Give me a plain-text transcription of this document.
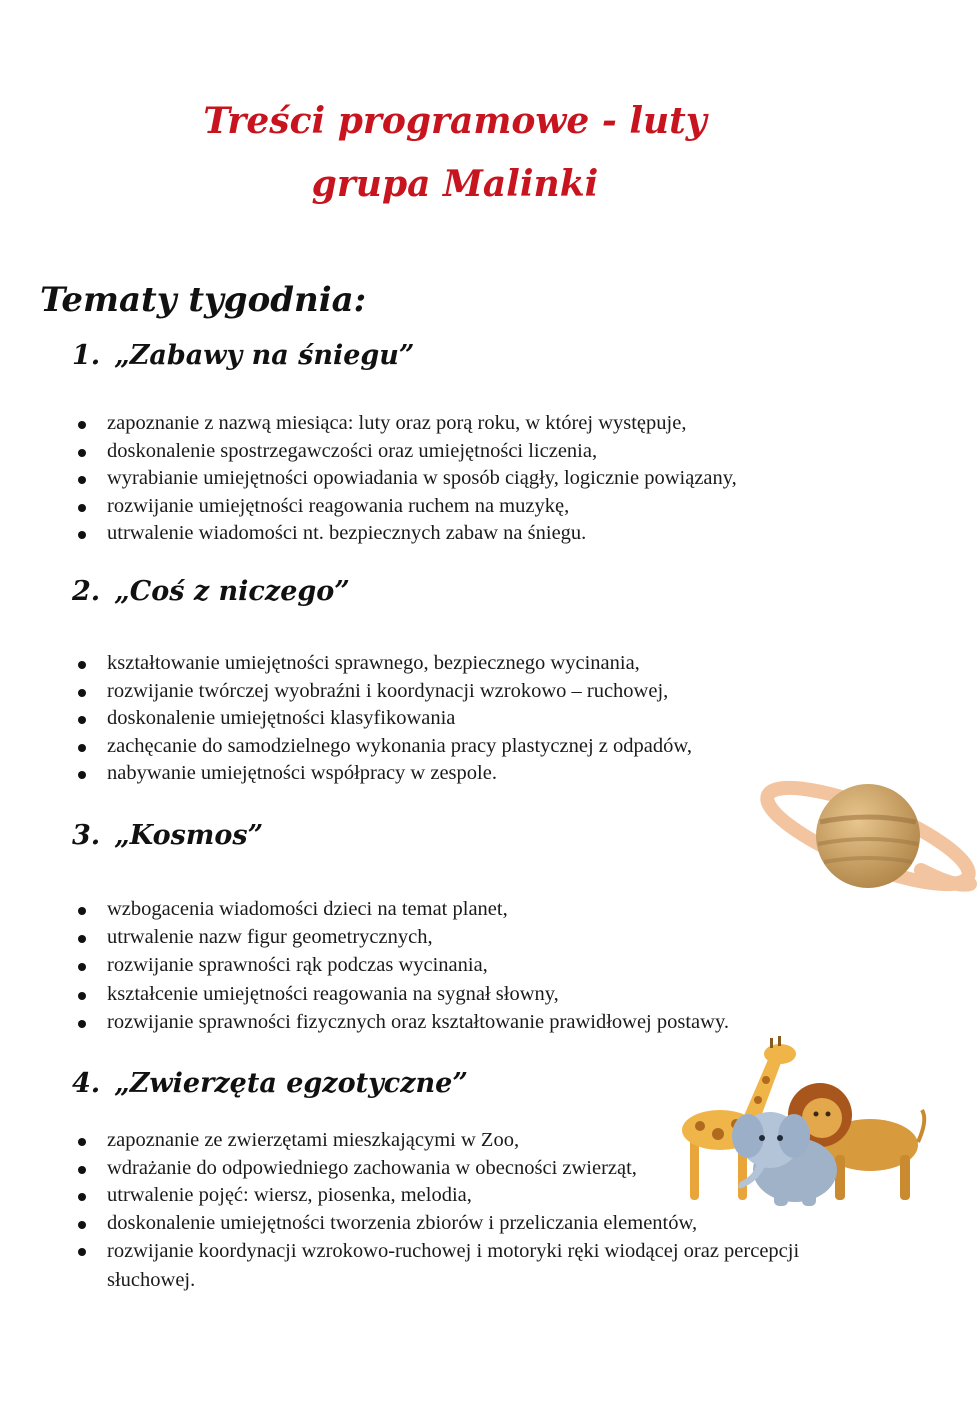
Treści programowe - luty
grupa Malinki
Tematy tygodnia:
1. „Zabawy na śniegu”
zapoznanie z nazwą miesiąca: luty oraz porą roku, w której występuje,
doskonalenie spostrzegawczości oraz umiejętności liczenia,
wyrabianie umiejętności opowiadania w sposób ciągły, logicznie powiązany,
rozwijanie umiejętności reagowania ruchem na muzykę,
utrwalenie wiadomości nt. bezpiecznych zabaw na śniegu.
2. „Coś z niczego”
kształtowanie umiejętności sprawnego, bezpiecznego wycinania,
rozwijanie twórczej wyobraźni i koordynacji wzrokowo – ruchowej,
doskonalenie umiejętności klasyfikowania
zachęcanie do samodzielnego wykonania pracy plastycznej z odpadów,
nabywanie umiejętności współpracy w zespole.
3. „Kosmos”
wzbogacenia wiadomości dzieci na temat planet,
utrwalenie nazw figur geometrycznych,
rozwijanie sprawności rąk podczas wycinania,
kształcenie umiejętności reagowania na sygnał słowny,
rozwijanie sprawności fizycznych oraz kształtowanie prawidłowej postawy.
4. „Zwierzęta egzotyczne”
zapoznanie ze zwierzętami mieszkającymi w Zoo,
wdrażanie do odpowiedniego zachowania w obecności zwierząt,
utrwalenie pojęć: wiersz, piosenka, melodia,
doskonalenie umiejętności tworzenia zbiorów i przeliczania elementów,
rozwijanie koordynacji wzrokowo-ruchowej i motoryki ręki wiodącej oraz percepcji słuchowej.
